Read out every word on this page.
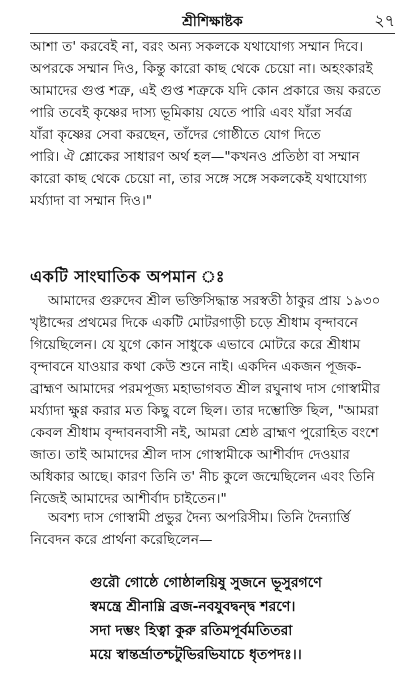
শ্রীশিক্ষাষ্টক	২৭
আশা ত' করবেই না, বরং অন্য সকলকে যথাযোগ্য সম্মান দিবে।
অপরকে সম্মান দিও, কিন্তু কারো কাছ থেকে চেয়ো না। অহংকারই
আমাদের গুপ্ত শত্রু, এই গুপ্ত শত্রুকে যদি কোন প্রকারে জয় করতে
পারি তবেই কৃষ্ণের দাস্য ভূমিকায় যেতে পারি এবং যাঁরা সর্বত্র
যাঁরা কৃষ্ণের সেবা করছেন, তাঁদের গোষ্ঠীতে যোগ দিতে
পারি। ঐ শ্লোকের সাধারণ অর্থ হল—"কখনও প্রতিষ্ঠা বা সম্মান
কারো কাছ থেকে চেয়ো না, তার সঙ্গে সঙ্গে সকলকেই যথাযোগ্য
মর্য্যাদা বা সম্মান দিও।"
একটি সাংঘাতিক অপমান ঃ
আমাদের গুরুদেব শ্রীল ভক্তিসিদ্ধান্ত সরস্বতী ঠাকুর প্রায় ১৯৩০
খৃষ্টাব্দের প্রথমের দিকে একটি মোটরগাড়ী চড়ে শ্রীধাম বৃন্দাবনে
গিয়েছিলেন। যে যুগে কোন সাধুকে এভাবে মোটরে করে শ্রীধাম
বৃন্দাবনে যাওয়ার কথা কেউ শুনে নাই। একদিন একজন পূজক-
ব্রাহ্মণ আমাদের পরমপূজ্য মহাভাগবত শ্রীল রঘুনাথ দাস গোস্বামীর
মর্য্যাদা ক্ষুণ্ণ করার মত কিছু বলে ছিল। তার দম্ভোক্তি ছিল, "আমরা
কেবল শ্রীধাম বৃন্দাবনবাসী নই, আমরা শ্রেষ্ঠ ব্রাহ্মণ পুরোহিত বংশে
জাত। তাই আমাদের শ্রীল দাস গোস্বামীকে আশীর্বাদ দেওয়ার
অধিকার আছে। কারণ তিনি ত' নীচ কুলে জন্মেছিলেন এবং তিনি
নিজেই আমাদের আশীর্বাদ চাইতেন।"
অবশ্য দাস গোস্বামী প্রভুর দৈন্য অপরিসীম। তিনি দৈন্যার্ত্তি
নিবেদন করে প্রার্থনা করেছিলেন—
গুরৌ গোষ্ঠে গোষ্ঠালয়িষু সুজনে ভূসুরগণে
স্বমন্ত্রে শ্রীনাম্নি ব্রজ-নবযুবদ্বন্দ্ব শরণে।
সদা দম্ভং হিত্বা কুরু রতিমপূর্বমতিতরা
ময়ে স্বান্তর্ভ্রাতশ্চটুভিরভিযাচে ধৃতপদঃ।।
